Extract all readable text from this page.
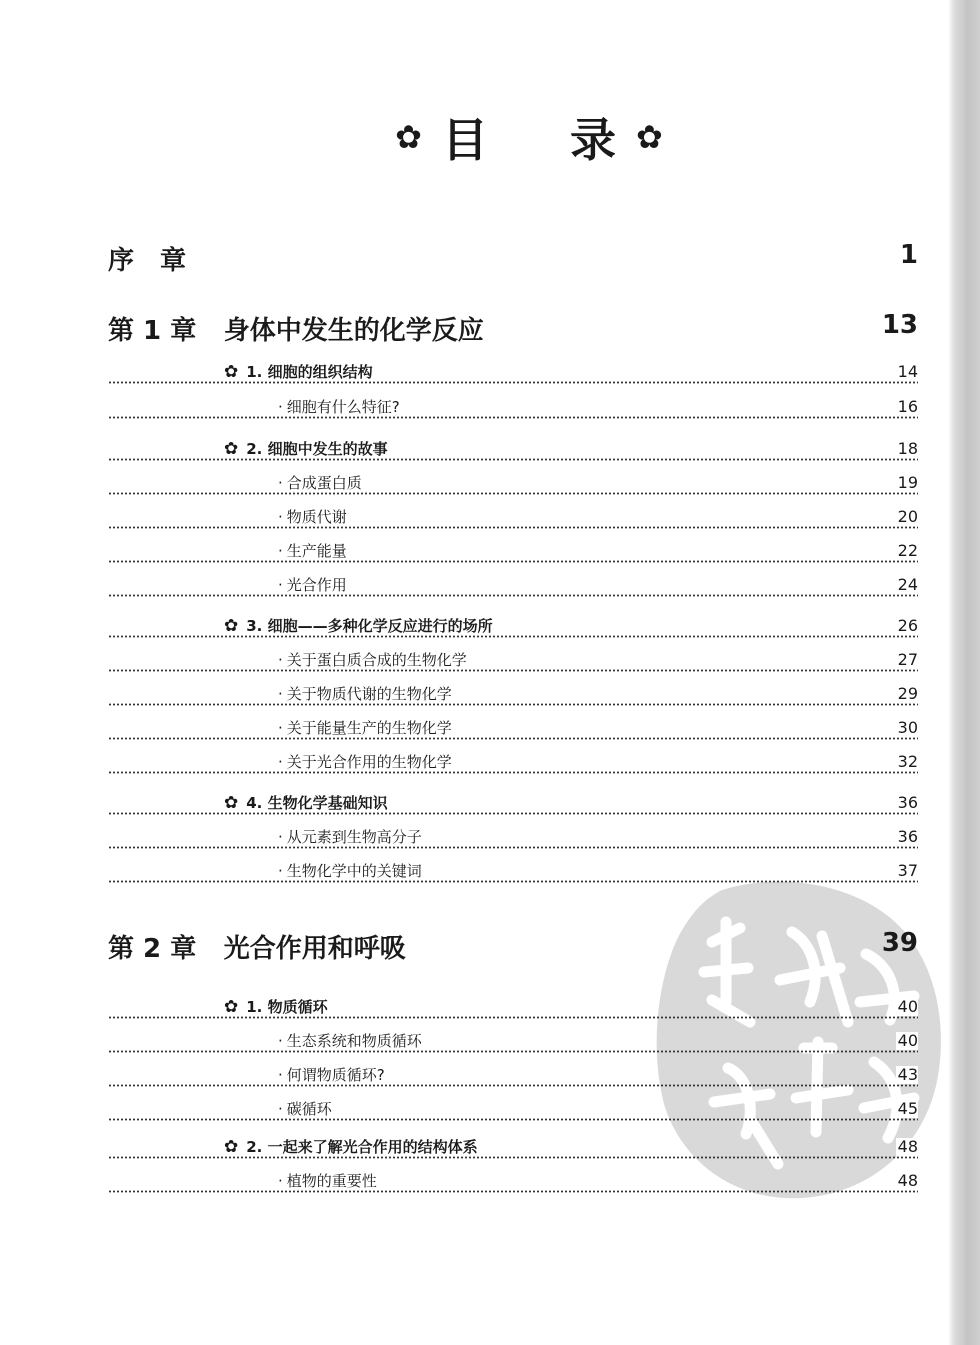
✿ 目 录 ✿
序　章	1
第 1 章 身体中发生的化学反应	13
✿ 1. 细胞的组织结构	14
· 细胞有什么特征?	16
✿ 2. 细胞中发生的故事	18
· 合成蛋白质	19
· 物质代谢	20
· 生产能量	22
· 光合作用	24
✿ 3. 细胞——多种化学反应进行的场所	26
· 关于蛋白质合成的生物化学	27
· 关于物质代谢的生物化学	29
· 关于能量生产的生物化学	30
· 关于光合作用的生物化学	32
✿ 4. 生物化学基础知识	36
· 从元素到生物高分子	36
· 生物化学中的关键词	37
第 2 章 光合作用和呼吸	39
✿ 1. 物质循环	40
· 生态系统和物质循环	40
· 何谓物质循环?	43
· 碳循环	45
✿ 2. 一起来了解光合作用的结构体系	48
· 植物的重要性	48
